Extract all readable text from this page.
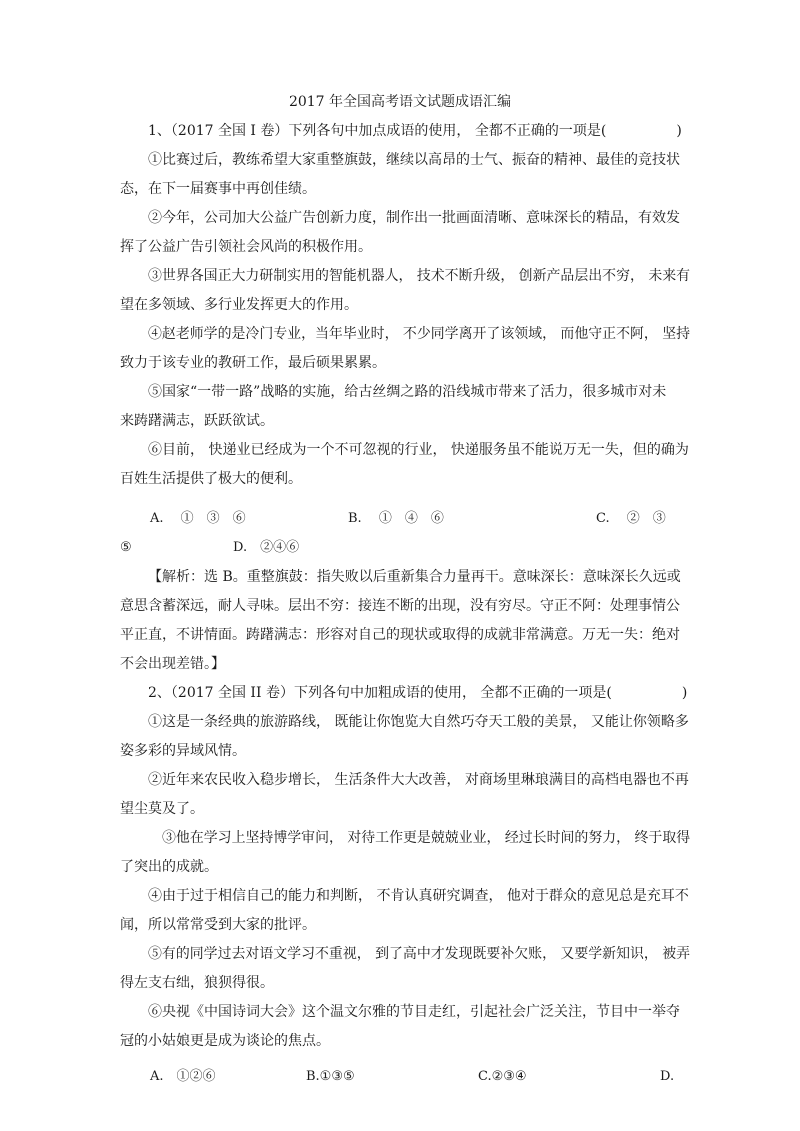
2017 年全国高考语文试题成语汇编
1、（2017 全国 I 卷）下列各句中加点成语的使用， 全都不正确的一项是(　　　　　)
①比赛过后，教练希望大家重整旗鼓，继续以高昂的士气、振奋的精神、最佳的竞技状
态，在下一届赛事中再创佳绩。
②今年，公司加大公益广告创新力度，制作出一批画面清晰、意味深长的精品，有效发
挥了公益广告引领社会风尚的积极作用。
③世界各国正大力研制实用的智能机器人， 技术不断升级， 创新产品层出不穷， 未来有
望在多领域、多行业发挥更大的作用。
④赵老师学的是冷门专业，当年毕业时， 不少同学离开了该领域， 而他守正不阿， 坚持
致力于该专业的教研工作，最后硕果累累。
⑤国家“一带一路”战略的实施，给古丝绸之路的沿线城市带来了活力，很多城市对未
来踌躇满志，跃跃欲试。
⑥目前， 快递业已经成为一个不可忽视的行业， 快递服务虽不能说万无一失，但的确为
百姓生活提供了极大的便利。
A.　 ①　③　⑥	B.　 ①　④　⑥	C.　 ②　③
⑤	D.　②④⑥
【解析：选 B。重整旗鼓：指失败以后重新集合力量再干。意味深长：意味深长久远或
意思含蓄深远，耐人寻味。层出不穷：接连不断的出现，没有穷尽。守正不阿：处理事情公
平正直，不讲情面。踌躇满志：形容对自己的现状或取得的成就非常满意。万无一失：绝对
不会出现差错。】
2、（2017 全国 II 卷）下列各句中加粗成语的使用， 全都不正确的一项是(　　　　　)
①这是一条经典的旅游路线， 既能让你饱览大自然巧夺天工般的美景， 又能让你领略多
姿多彩的异域风情。
②近年来农民收入稳步增长， 生活条件大大改善， 对商场里琳琅满目的高档电器也不再
望尘莫及了。
③他在学习上坚持博学审问， 对待工作更是兢兢业业， 经过长时间的努力， 终于取得
了突出的成就。
④由于过于相信自己的能力和判断， 不肯认真研究调查， 他对于群众的意见总是充耳不
闻，所以常常受到大家的批评。
⑤有的同学过去对语文学习不重视， 到了高中才发现既要补欠账， 又要学新知识， 被弄
得左支右绌，狼狈得很。
⑥央视《中国诗词大会》这个温文尔雅的节目走红，引起社会广泛关注，节目中一举夺
冠的小姑娘更是成为谈论的焦点。
A.　①②⑥	B.①③⑤	C.②③④	D.
